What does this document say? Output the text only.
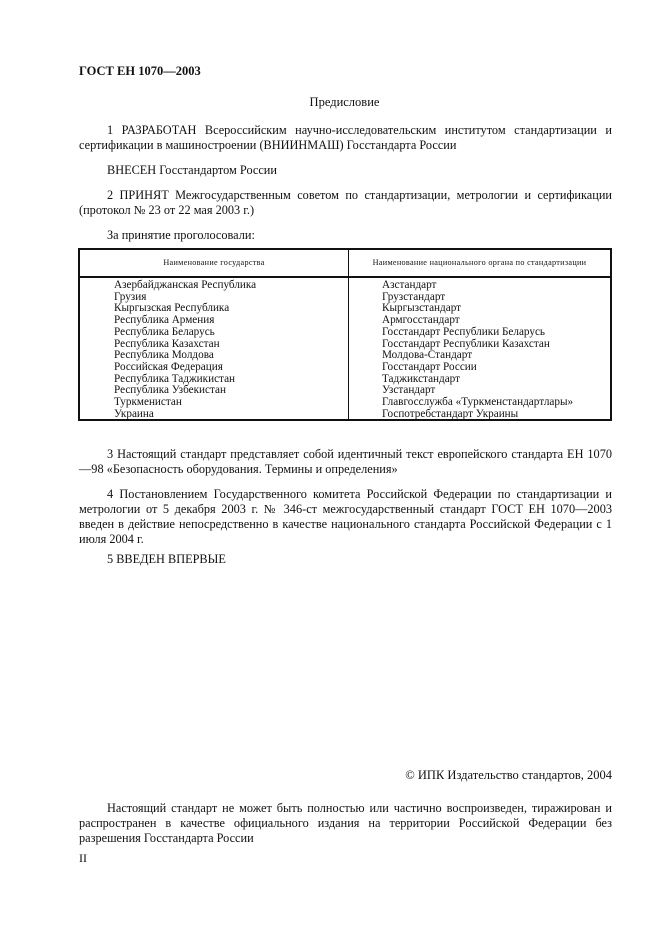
ГОСТ ЕН 1070—2003
Предисловие
1 РАЗРАБОТАН Всероссийским научно-исследовательским институтом стандартизации и сертификации в машиностроении (ВНИИНМАШ) Госстандарта России
ВНЕСЕН Госстандартом России
2 ПРИНЯТ Межгосударственным советом по стандартизации, метрологии и сертификации (протокол № 23 от 22 мая 2003 г.)
За принятие проголосовали:
Наименование государства	Наименование национального органа по стандартизации
Азербайджанская Республика
Грузия
Кыргызская Республика
Республика Армения
Республика Беларусь
Республика Казахстан
Республика Молдова
Российская Федерация
Республика Таджикистан
Республика Узбекистан
Туркменистан
Украина
Азстандарт
Грузстандарт
Кыргызстандарт
Армгосстандарт
Госстандарт Республики Беларусь
Госстандарт Республики Казахстан
Молдова-Стандарт
Госстандарт России
Таджикстандарт
Узстандарт
Главгосслужба «Туркменстандартлары»
Госпотребстандарт Украины
3 Настоящий стандарт представляет собой идентичный текст европейского стандарта ЕН 1070—98 «Безопасность оборудования. Термины и определения»
4 Постановлением Государственного комитета Российской Федерации по стандартизации и метрологии от 5 декабря 2003 г. № 346-ст межгосударственный стандарт ГОСТ ЕН 1070—2003 введен в действие непосредственно в качестве национального стандарта Российской Федерации с 1 июля 2004 г.
5 ВВЕДЕН ВПЕРВЫЕ
© ИПК Издательство стандартов, 2004
Настоящий стандарт не может быть полностью или частично воспроизведен, тиражирован и распространен в качестве официального издания на территории Российской Федерации без разрешения Госстандарта России
II
